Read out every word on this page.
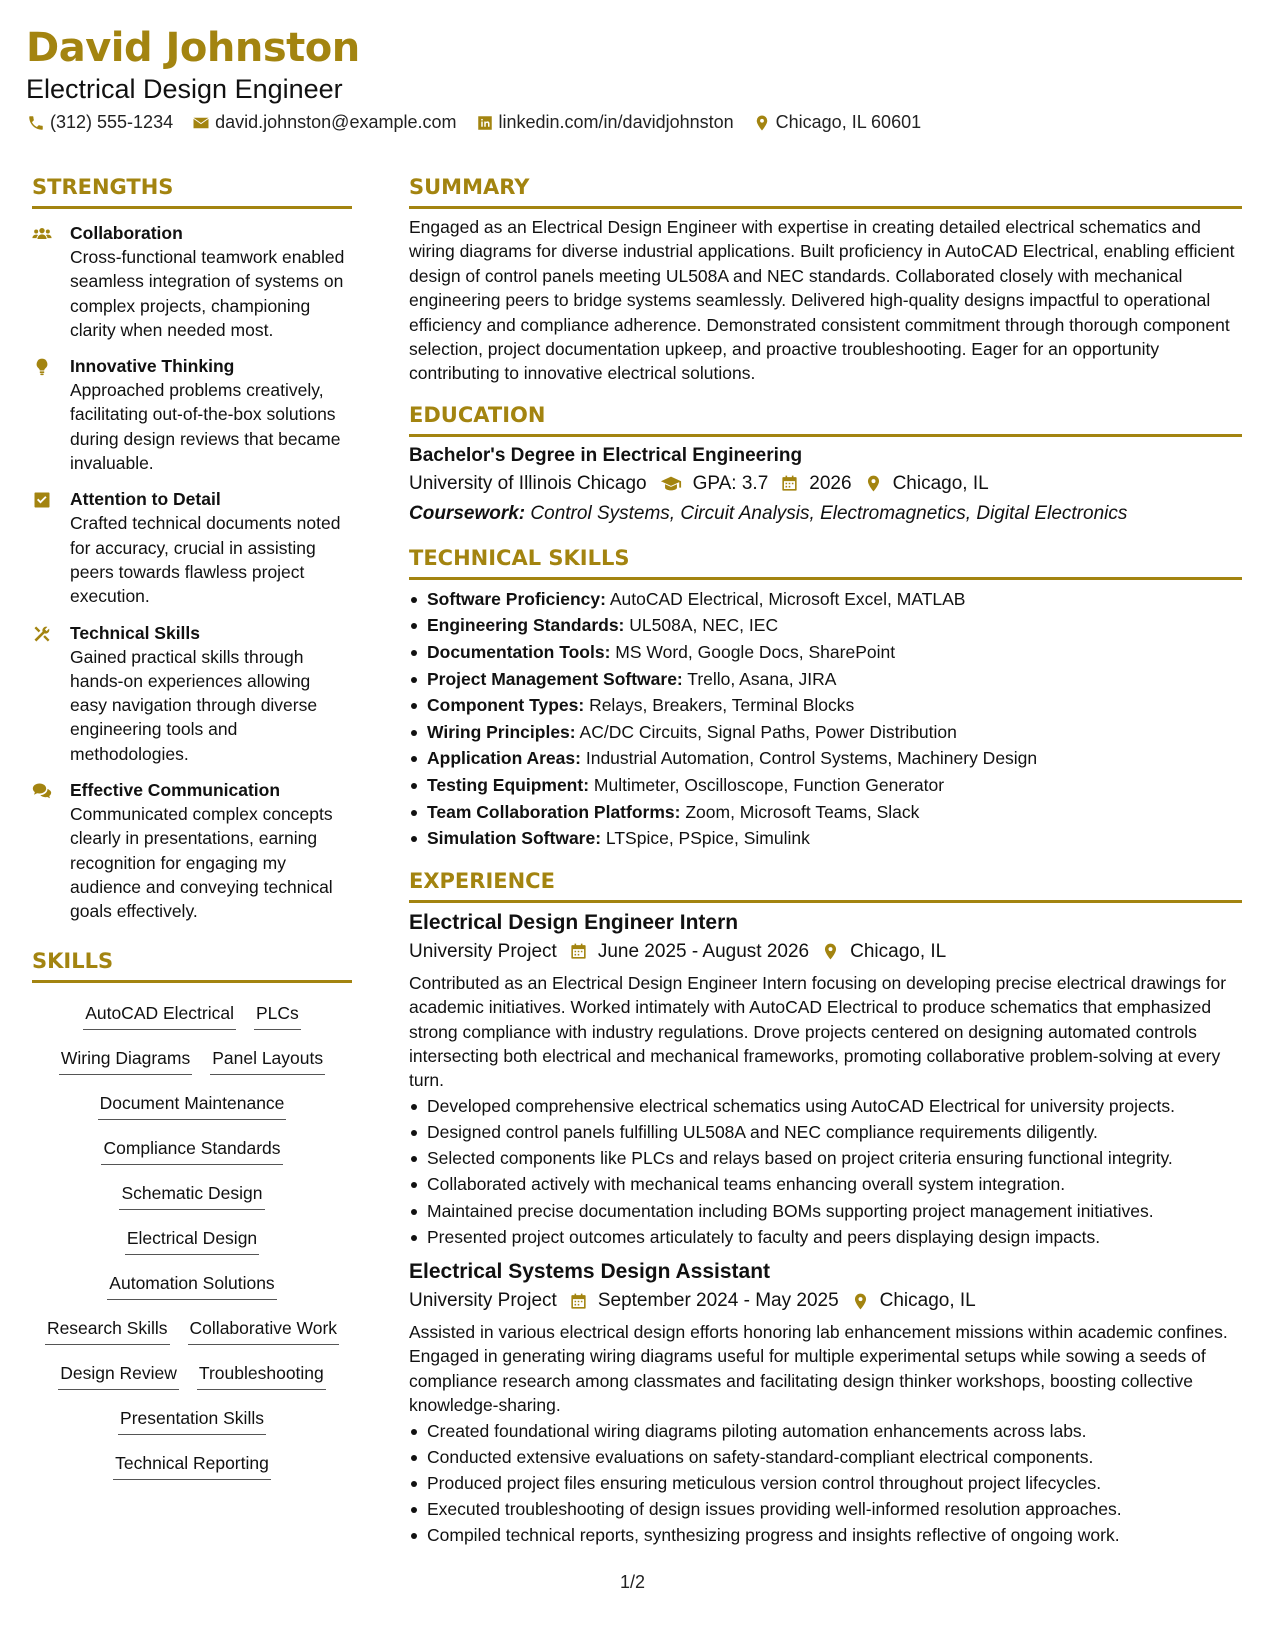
David Johnston
Electrical Design Engineer
(312) 555-1234 david.johnston@example.com linkedin.com/in/davidjohnston Chicago, IL 60601
STRENGTHS
Collaboration
Cross-functional teamwork enabled seamless integration of systems on complex projects, championing clarity when needed most.
Innovative Thinking
Approached problems creatively, facilitating out-of-the-box solutions during design reviews that became invaluable.
Attention to Detail
Crafted technical documents noted for accuracy, crucial in assisting peers towards flawless project execution.
Technical Skills
Gained practical skills through hands-on experiences allowing easy navigation through diverse engineering tools and methodologies.
Effective Communication
Communicated complex concepts clearly in presentations, earning recognition for engaging my audience and conveying technical goals effectively.
SKILLS
AutoCAD Electrical PLCs
Wiring Diagrams Panel Layouts
Document Maintenance
Compliance Standards
Schematic Design
Electrical Design
Automation Solutions
Research Skills Collaborative Work
Design Review Troubleshooting
Presentation Skills
Technical Reporting
SUMMARY
Engaged as an Electrical Design Engineer with expertise in creating detailed electrical schematics and wiring diagrams for diverse industrial applications. Built proficiency in AutoCAD Electrical, enabling efficient design of control panels meeting UL508A and NEC standards. Collaborated closely with mechanical engineering peers to bridge systems seamlessly. Delivered high-quality designs impactful to operational efficiency and compliance adherence. Demonstrated consistent commitment through thorough component selection, project documentation upkeep, and proactive troubleshooting. Eager for an opportunity contributing to innovative electrical solutions.
EDUCATION
Bachelor's Degree in Electrical Engineering
University of Illinois Chicago GPA: 3.7 2026 Chicago, IL
Coursework: Control Systems, Circuit Analysis, Electromagnetics, Digital Electronics
TECHNICAL SKILLS
Software Proficiency: AutoCAD Electrical, Microsoft Excel, MATLAB
Engineering Standards: UL508A, NEC, IEC
Documentation Tools: MS Word, Google Docs, SharePoint
Project Management Software: Trello, Asana, JIRA
Component Types: Relays, Breakers, Terminal Blocks
Wiring Principles: AC/DC Circuits, Signal Paths, Power Distribution
Application Areas: Industrial Automation, Control Systems, Machinery Design
Testing Equipment: Multimeter, Oscilloscope, Function Generator
Team Collaboration Platforms: Zoom, Microsoft Teams, Slack
Simulation Software: LTSpice, PSpice, Simulink
EXPERIENCE
Electrical Design Engineer Intern
University Project June 2025 - August 2026 Chicago, IL
Contributed as an Electrical Design Engineer Intern focusing on developing precise electrical drawings for academic initiatives. Worked intimately with AutoCAD Electrical to produce schematics that emphasized strong compliance with industry regulations. Drove projects centered on designing automated controls intersecting both electrical and mechanical frameworks, promoting collaborative problem-solving at every turn.
Developed comprehensive electrical schematics using AutoCAD Electrical for university projects.
Designed control panels fulfilling UL508A and NEC compliance requirements diligently.
Selected components like PLCs and relays based on project criteria ensuring functional integrity.
Collaborated actively with mechanical teams enhancing overall system integration.
Maintained precise documentation including BOMs supporting project management initiatives.
Presented project outcomes articulately to faculty and peers displaying design impacts.
Electrical Systems Design Assistant
University Project September 2024 - May 2025 Chicago, IL
Assisted in various electrical design efforts honoring lab enhancement missions within academic confines. Engaged in generating wiring diagrams useful for multiple experimental setups while sowing a seeds of compliance research among classmates and facilitating design thinker workshops, boosting collective knowledge-sharing.
Created foundational wiring diagrams piloting automation enhancements across labs.
Conducted extensive evaluations on safety-standard-compliant electrical components.
Produced project files ensuring meticulous version control throughout project lifecycles.
Executed troubleshooting of design issues providing well-informed resolution approaches.
Compiled technical reports, synthesizing progress and insights reflective of ongoing work.
1/2
